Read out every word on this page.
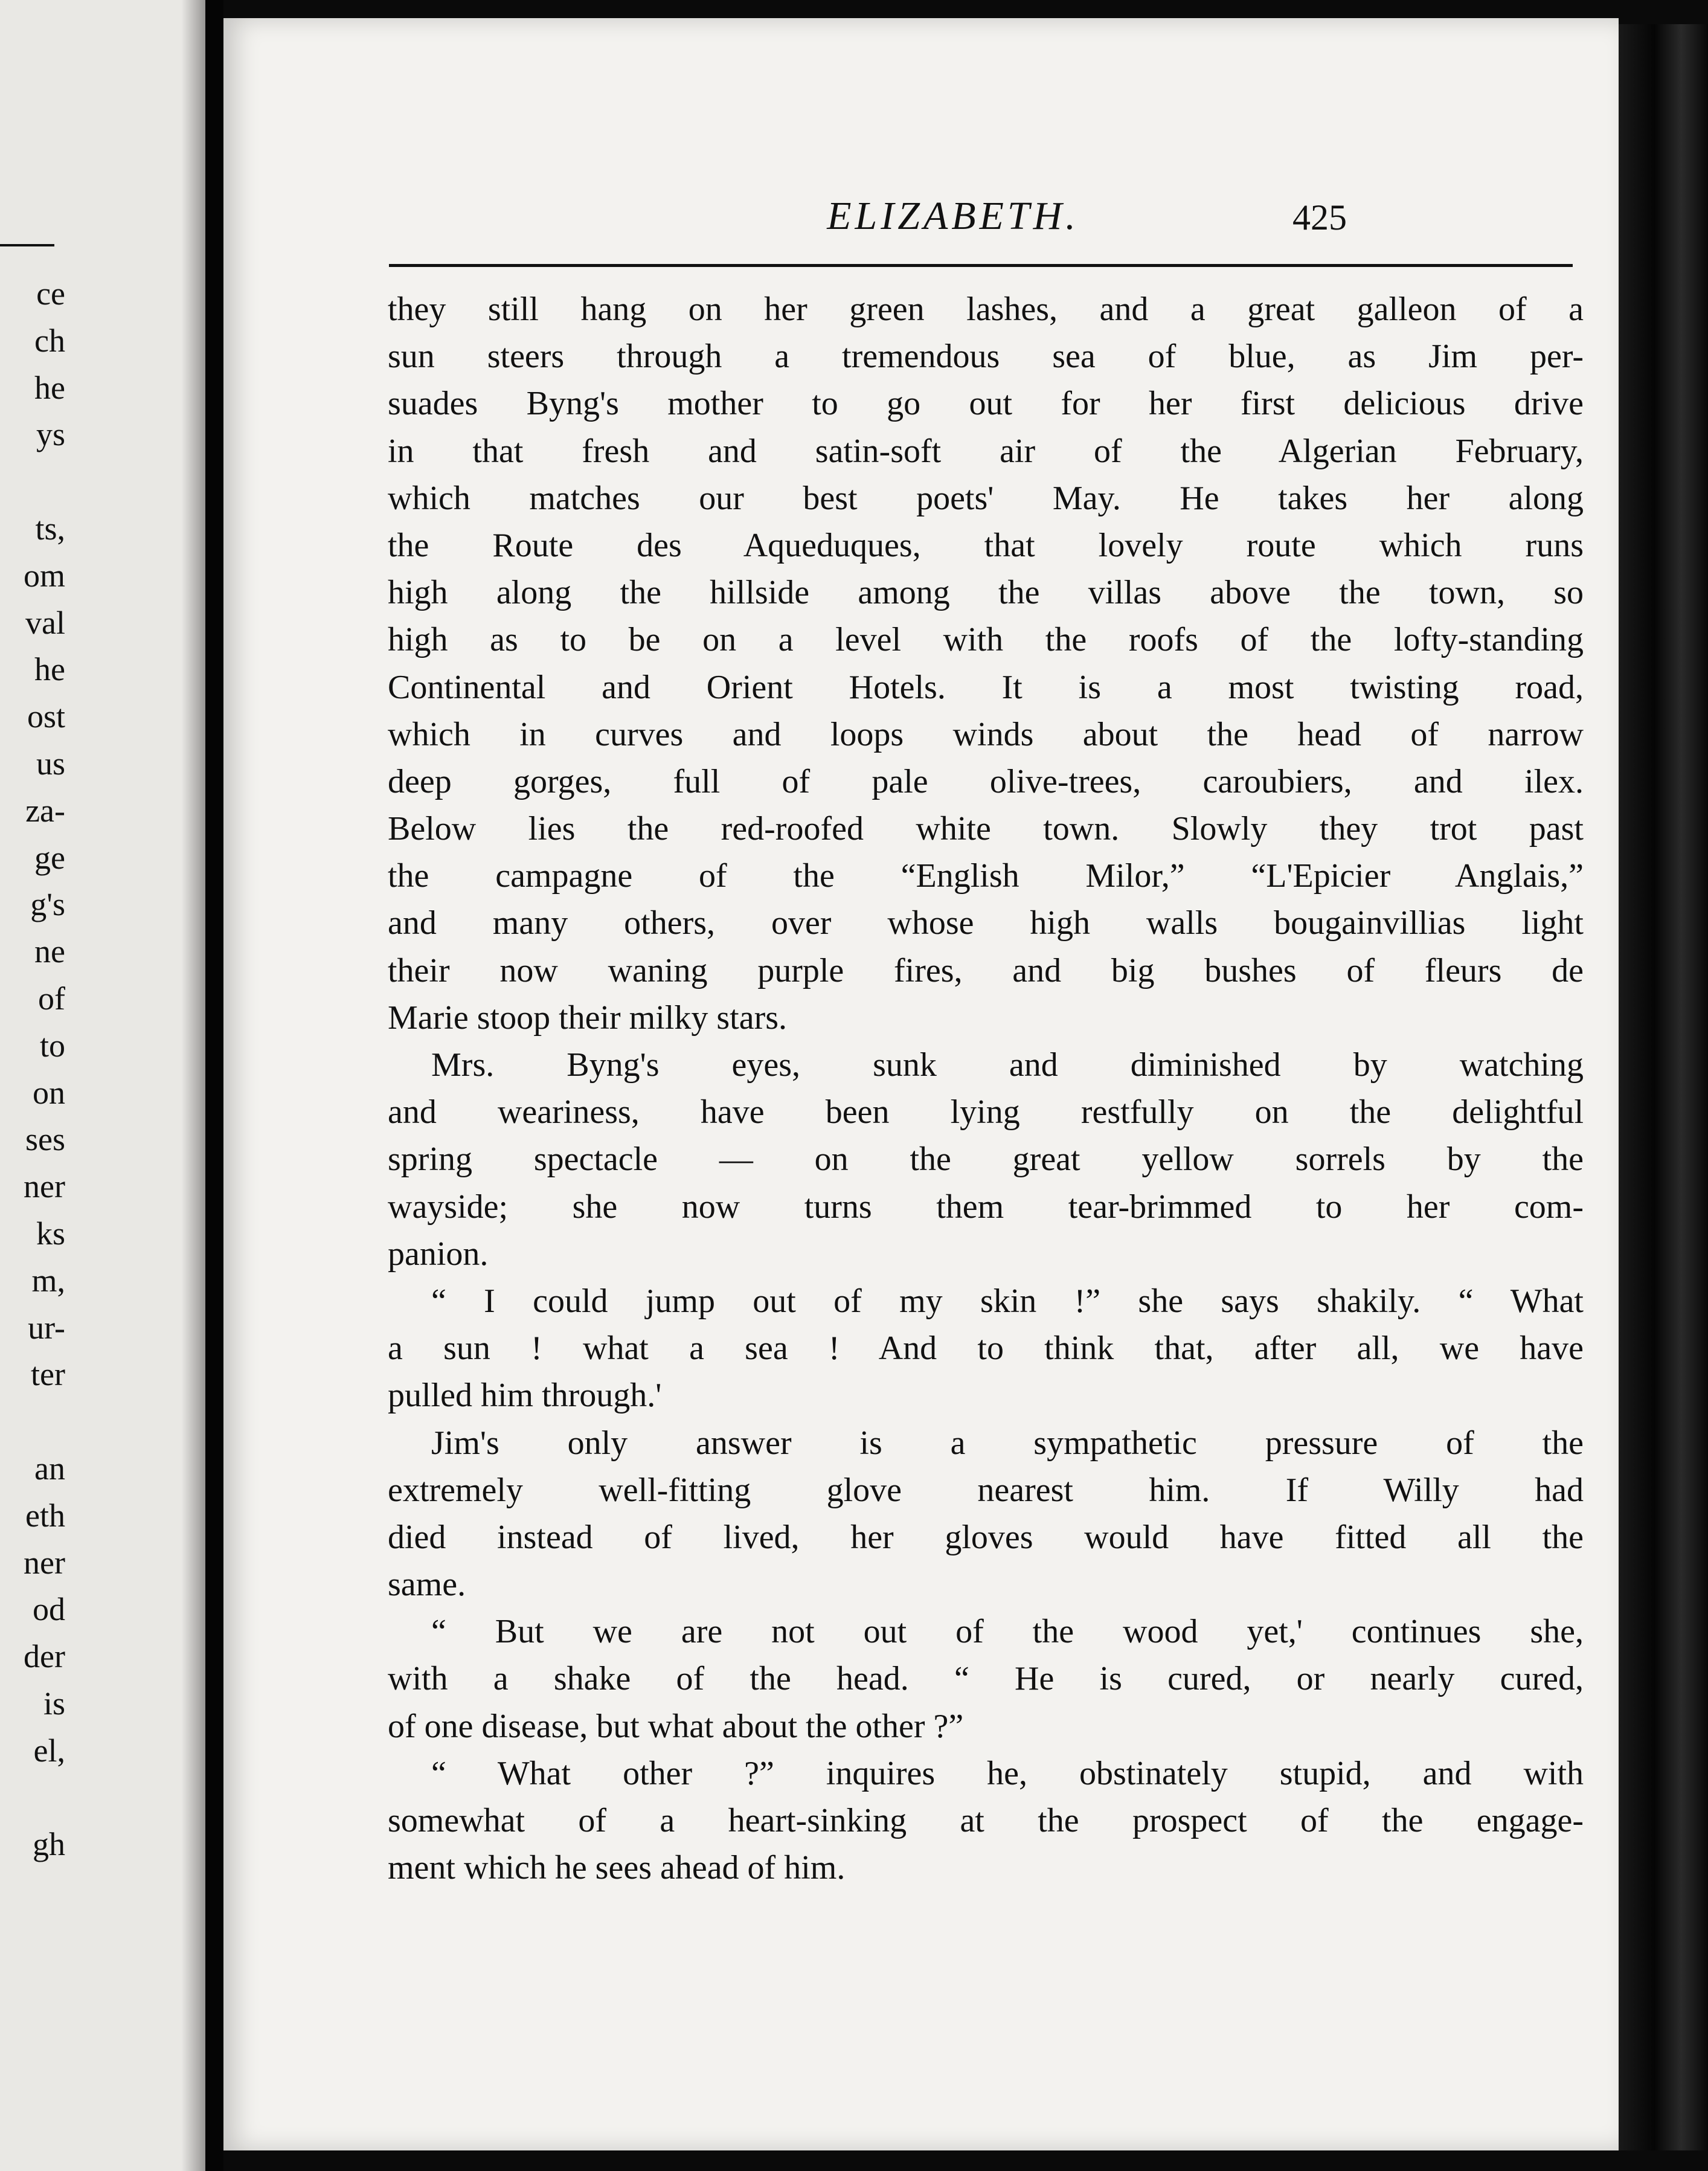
ce
ch
he
ys
ts,
om
val
he
ost
us
za-
ge
g's
ne
of
to
on
ses
ner
ks
m,
ur-
ter
an
eth
ner
od
der
is
el,
gh
ELIZABETH.	425
they still hang on her green lashes, and a great galleon of a
sun steers through a tremendous sea of blue, as Jim per-
suades Byng's mother to go out for her first delicious drive
in that fresh and satin-soft air of the Algerian February,
which matches our best poets' May. He takes her along
the Route des Aqueduques, that lovely route which runs
high along the hillside among the villas above the town, so
high as to be on a level with the roofs of the lofty-standing
Continental and Orient Hotels. It is a most twisting road,
which in curves and loops winds about the head of narrow
deep gorges, full of pale olive-trees, caroubiers, and ilex.
Below lies the red-roofed white town. Slowly they trot past
the campagne of the “English Milor,” “L'Epicier Anglais,”
and many others, over whose high walls bougainvillias light
their now waning purple fires, and big bushes of fleurs de
Marie stoop their milky stars.
Mrs. Byng's eyes, sunk and diminished by watching
and weariness, have been lying restfully on the delightful
spring spectacle — on the great yellow sorrels by the
wayside; she now turns them tear-brimmed to her com-
panion.
“ I could jump out of my skin !” she says shakily. “ What
a sun ! what a sea ! And to think that, after all, we have
pulled him through.'
Jim's only answer is a sympathetic pressure of the
extremely well-fitting glove nearest him. If Willy had
died instead of lived, her gloves would have fitted all the
same.
“ But we are not out of the wood yet,' continues she,
with a shake of the head. “ He is cured, or nearly cured,
of one disease, but what about the other ?”
“ What other ?” inquires he, obstinately stupid, and with
somewhat of a heart-sinking at the prospect of the engage-
ment which he sees ahead of him.
